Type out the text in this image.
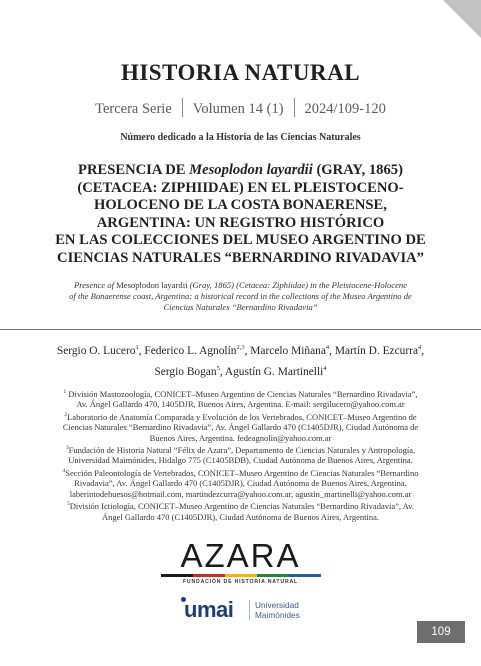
HISTORIA NATURAL
Tercera Serie Volumen 14 (1) 2024/109-120
Número dedicado a la Historia de las Ciencias Naturales
PRESENCIA DE Mesoplodon layardii (GRAY, 1865)
(CETACEA: ZIPHIIDAE) EN EL PLEISTOCENO-
HOLOCENO DE LA COSTA BONAERENSE,
ARGENTINA: UN REGISTRO HISTÓRICO
EN LAS COLECCIONES DEL MUSEO ARGENTINO DE
CIENCIAS NATURALES “BERNARDINO RIVADAVIA”
Presence of Mesoplodon layardii (Gray, 1865) (Cetacea: Ziphiidae) in the Pleistocene-Holocene
of the Bonaerense coast, Argentina: a historical record in the collections of the Museo Argentino de
Ciencias Naturales “Bernardino Rivadavia”
Sergio O. Lucero$^1$, Federico L. Agnolín$^{2,3}$, Marcelo Miñana$^4$, Martín D. Ezcurra$^4$,
Sergio Bogan$^5$, Agustín G. Martinelli$^4$
$^1$ División Mastozoología, CONICET–Museo Argentino de Ciencias Naturales “Bernardino Rivadavia”,
Av. Ángel Gallardo 470, 1405DJR, Buenos Aires, Argentina. E-mail: sergilucero@yahoo.com.ar
$^2$Laboratorio de Anatomía Comparada y Evolución de los Vertebrados, CONICET–Museo Argentino de
Ciencias Naturales “Bernardino Rivadavia”, Av. Ángel Gallardo 470 (C1405DJR), Ciudad Autónoma de
Buenos Aires, Argentina. fedeagnolin@yahoo.com.ar
$^3$Fundación de Historia Natural “Félix de Azara”, Departamento de Ciencias Naturales y Antropología,
Universidad Maimónides, Hidalgo 775 (C1405BDB), Ciudad Autónoma de Buenos Aires, Argentina.
$^4$Sección Paleontología de Vertebrados, CONICET–Museo Argentino de Ciencias Naturales “Bernardino
Rivadavia”, Av. Ángel Gallardo 470 (C1405DJR), Ciudad Autónoma de Buenos Aires, Argentina.
laberintodehuesos@hotmail.com, martindezcurra@yahoo.com.ar, agustin_martinelli@yahoo.com.ar
$^5$División Ictiología, CONICET–Museo Argentino de Ciencias Naturales “Bernardino Rivadavia”, Av.
Ángel Gallardo 470 (C1405DJR), Ciudad Autónoma de Buenos Aires, Argentina.
AZARA
FUNDACIÓN DE HISTORIA NATURAL
umai	Universidad
Maimónides
109
